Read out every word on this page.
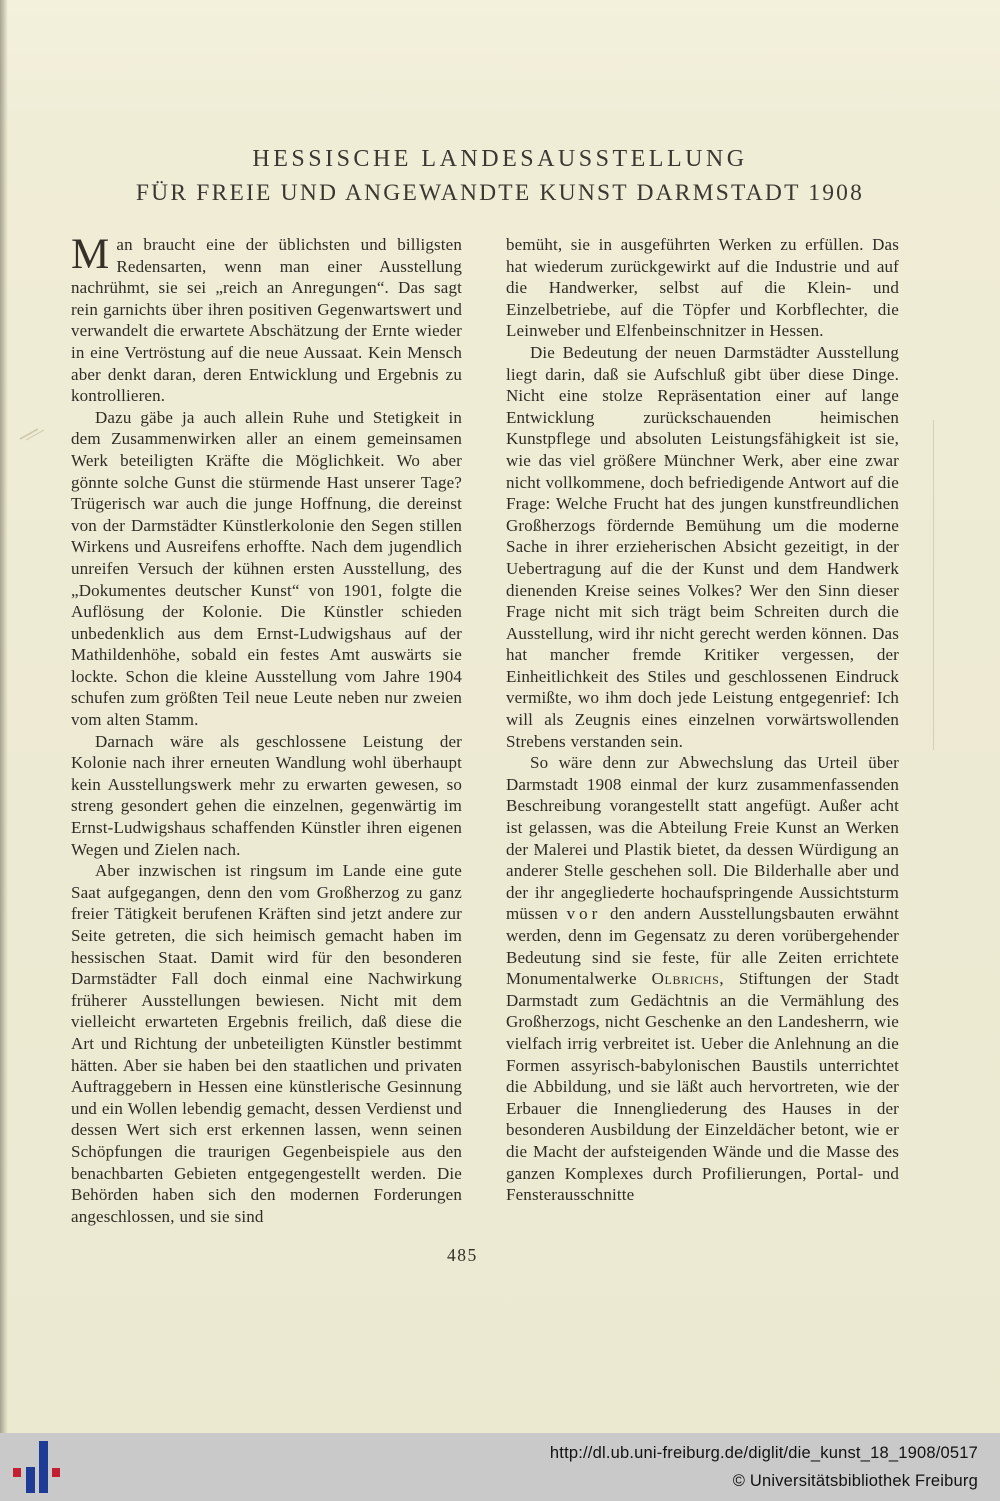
HESSISCHE LANDESAUSSTELLUNG
FÜR FREIE UND ANGEWANDTE KUNST DARMSTADT 1908

Man braucht eine der üblichsten und billigsten Redensarten, wenn man einer Ausstellung nachrühmt, sie sei „reich an Anregungen“. Das sagt rein garnichts über ihren positiven Gegenwartswert und verwandelt die erwartete Abschätzung der Ernte wieder in eine Vertröstung auf die neue Aussaat. Kein Mensch aber denkt daran, deren Entwicklung und Ergebnis zu kontrollieren.

Dazu gäbe ja auch allein Ruhe und Stetigkeit in dem Zusammenwirken aller an einem gemeinsamen Werk beteiligten Kräfte die Möglichkeit. Wo aber gönnte solche Gunst die stürmende Hast unserer Tage? Trügerisch war auch die junge Hoffnung, die dereinst von der Darmstädter Künstlerkolonie den Segen stillen Wirkens und Ausreifens erhoffte. Nach dem jugendlich unreifen Versuch der kühnen ersten Ausstellung, des „Dokumentes deutscher Kunst“ von 1901, folgte die Auflösung der Kolonie. Die Künstler schieden unbedenklich aus dem Ernst-Ludwigshaus auf der Mathildenhöhe, sobald ein festes Amt auswärts sie lockte. Schon die kleine Ausstellung vom Jahre 1904 schufen zum größten Teil neue Leute neben nur zweien vom alten Stamm.

Darnach wäre als geschlossene Leistung der Kolonie nach ihrer erneuten Wandlung wohl überhaupt kein Ausstellungswerk mehr zu erwarten gewesen, so streng gesondert gehen die einzelnen, gegenwärtig im Ernst-Ludwigshaus schaffenden Künstler ihren eigenen Wegen und Zielen nach.

Aber inzwischen ist ringsum im Lande eine gute Saat aufgegangen, denn den vom Großherzog zu ganz freier Tätigkeit berufenen Kräften sind jetzt andere zur Seite getreten, die sich heimisch gemacht haben im hessischen Staat. Damit wird für den besonderen Darmstädter Fall doch einmal eine Nachwirkung früherer Ausstellungen bewiesen. Nicht mit dem vielleicht erwarteten Ergebnis freilich, daß diese die Art und Richtung der unbeteiligten Künstler bestimmt hätten. Aber sie haben bei den staatlichen und privaten Auftraggebern in Hessen eine künstlerische Gesinnung und ein Wollen lebendig gemacht, dessen Verdienst und dessen Wert sich erst erkennen lassen, wenn seinen Schöpfungen die traurigen Gegenbeispiele aus den benachbarten Gebieten entgegengestellt werden. Die Behörden haben sich den modernen Forderungen angeschlossen, und sie sind

bemüht, sie in ausgeführten Werken zu erfüllen. Das hat wiederum zurückgewirkt auf die Industrie und auf die Handwerker, selbst auf die Klein- und Einzelbetriebe, auf die Töpfer und Korbflechter, die Leinweber und Elfenbeinschnitzer in Hessen.

Die Bedeutung der neuen Darmstädter Ausstellung liegt darin, daß sie Aufschluß gibt über diese Dinge. Nicht eine stolze Repräsentation einer auf lange Entwicklung zurückschauenden heimischen Kunstpflege und absoluten Leistungsfähigkeit ist sie, wie das viel größere Münchner Werk, aber eine zwar nicht vollkommene, doch befriedigende Antwort auf die Frage: Welche Frucht hat des jungen kunstfreundlichen Großherzogs fördernde Bemühung um die moderne Sache in ihrer erzieherischen Absicht gezeitigt, in der Uebertragung auf die der Kunst und dem Handwerk dienenden Kreise seines Volkes? Wer den Sinn dieser Frage nicht mit sich trägt beim Schreiten durch die Ausstellung, wird ihr nicht gerecht werden können. Das hat mancher fremde Kritiker vergessen, der Einheitlichkeit des Stiles und geschlossenen Eindruck vermißte, wo ihm doch jede Leistung entgegenrief: Ich will als Zeugnis eines einzelnen vorwärtswollenden Strebens verstanden sein.

So wäre denn zur Abwechslung das Urteil über Darmstadt 1908 einmal der kurz zusammenfassenden Beschreibung vorangestellt statt angefügt. Außer acht ist gelassen, was die Abteilung Freie Kunst an Werken der Malerei und Plastik bietet, da dessen Würdigung an anderer Stelle geschehen soll. Die Bilderhalle aber und der ihr angegliederte hochaufspringende Aussichtsturm müssen vor den andern Ausstellungsbauten erwähnt werden, denn im Gegensatz zu deren vorübergehender Bedeutung sind sie feste, für alle Zeiten errichtete Monumentalwerke Olbrichs, Stiftungen der Stadt Darmstadt zum Gedächtnis an die Vermählung des Großherzogs, nicht Geschenke an den Landesherrn, wie vielfach irrig verbreitet ist. Ueber die Anlehnung an die Formen assyrisch-babylonischen Baustils unterrichtet die Abbildung, und sie läßt auch hervortreten, wie der Erbauer die Innengliederung des Hauses in der besonderen Ausbildung der Einzeldächer betont, wie er die Macht der aufsteigenden Wände und die Masse des ganzen Komplexes durch Profilierungen, Portal- und Fensterausschnitte

485
http://dl.ub.uni-freiburg.de/diglit/die_kunst_18_1908/0517
© Universitätsbibliothek Freiburg
